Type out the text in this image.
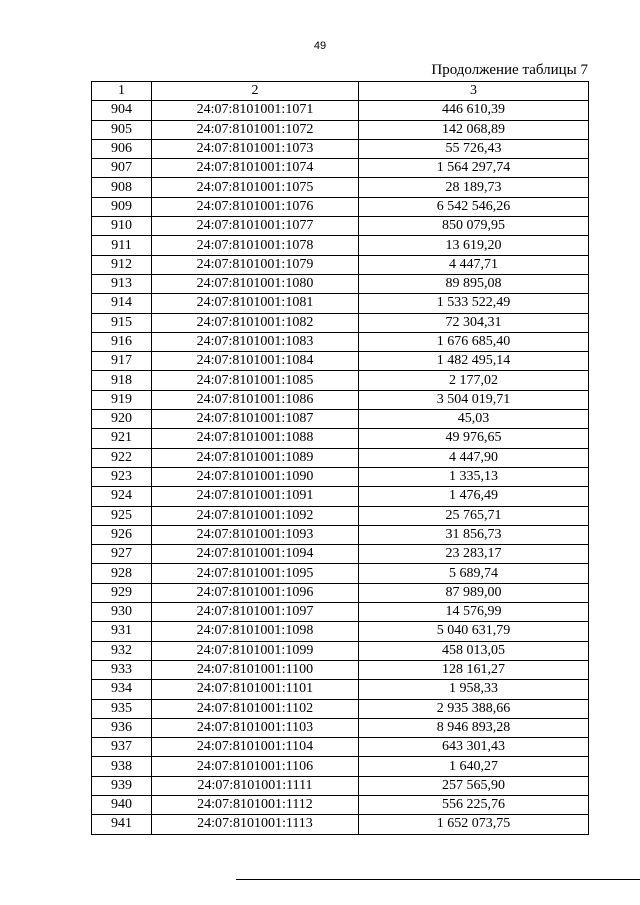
49
Продолжение таблицы 7
1	2	3
904	24:07:8101001:1071	446 610,39
905	24:07:8101001:1072	142 068,89
906	24:07:8101001:1073	55 726,43
907	24:07:8101001:1074	1 564 297,74
908	24:07:8101001:1075	28 189,73
909	24:07:8101001:1076	6 542 546,26
910	24:07:8101001:1077	850 079,95
911	24:07:8101001:1078	13 619,20
912	24:07:8101001:1079	4 447,71
913	24:07:8101001:1080	89 895,08
914	24:07:8101001:1081	1 533 522,49
915	24:07:8101001:1082	72 304,31
916	24:07:8101001:1083	1 676 685,40
917	24:07:8101001:1084	1 482 495,14
918	24:07:8101001:1085	2 177,02
919	24:07:8101001:1086	3 504 019,71
920	24:07:8101001:1087	45,03
921	24:07:8101001:1088	49 976,65
922	24:07:8101001:1089	4 447,90
923	24:07:8101001:1090	1 335,13
924	24:07:8101001:1091	1 476,49
925	24:07:8101001:1092	25 765,71
926	24:07:8101001:1093	31 856,73
927	24:07:8101001:1094	23 283,17
928	24:07:8101001:1095	5 689,74
929	24:07:8101001:1096	87 989,00
930	24:07:8101001:1097	14 576,99
931	24:07:8101001:1098	5 040 631,79
932	24:07:8101001:1099	458 013,05
933	24:07:8101001:1100	128 161,27
934	24:07:8101001:1101	1 958,33
935	24:07:8101001:1102	2 935 388,66
936	24:07:8101001:1103	8 946 893,28
937	24:07:8101001:1104	643 301,43
938	24:07:8101001:1106	1 640,27
939	24:07:8101001:1111	257 565,90
940	24:07:8101001:1112	556 225,76
941	24:07:8101001:1113	1 652 073,75
